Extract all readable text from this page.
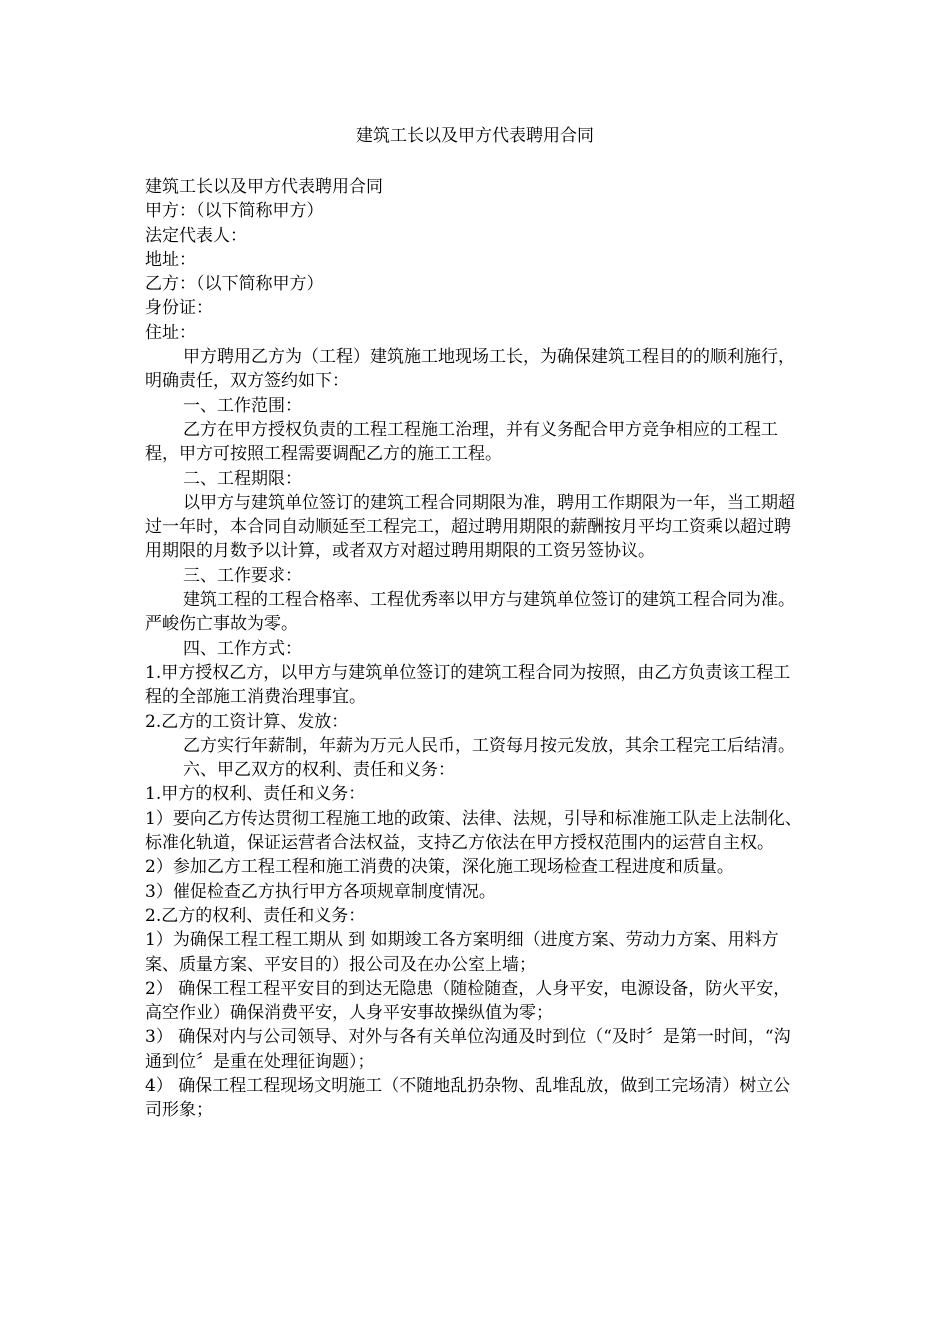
建筑工长以及甲方代表聘用合同

建筑工长以及甲方代表聘用合同

甲方：（以下简称甲方）

法定代表人：

地址：

乙方：（以下简称甲方）

身份证：

住址：

甲方聘用乙方为（工程）建筑施工地现场工长，为确保建筑工程目的的顺利施行，明确责任，双方签约如下：

一、工作范围：

乙方在甲方授权负责的工程工程施工治理，并有义务配合甲方竞争相应的工程工程，甲方可按照工程需要调配乙方的施工工程。

二、工程期限：

以甲方与建筑单位签订的建筑工程合同期限为准，聘用工作期限为一年，当工期超过一年时，本合同自动顺延至工程完工，超过聘用期限的薪酬按月平均工资乘以超过聘用期限的月数予以计算，或者双方对超过聘用期限的工资另签协议。

三、工作要求：

建筑工程的工程合格率、工程优秀率以甲方与建筑单位签订的建筑工程合同为准。严峻伤亡事故为零。

四、工作方式：

1.甲方授权乙方，以甲方与建筑单位签订的建筑工程合同为按照，由乙方负责该工程工程的全部施工消费治理事宜。

2.乙方的工资计算、发放：

乙方实行年薪制，年薪为万元人民币，工资每月按元发放，其余工程完工后结清。

六、甲乙双方的权利、责任和义务：

1.甲方的权利、责任和义务：

1）要向乙方传达贯彻工程施工地的政策、法律、法规，引导和标准施工队走上法制化、标准化轨道，保证运营者合法权益，支持乙方依法在甲方授权范围内的运营自主权。

2）参加乙方工程工程和施工消费的决策，深化施工现场检查工程进度和质量。

3）催促检查乙方执行甲方各项规章制度情况。

2.乙方的权利、责任和义务：

1）为确保工程工程工期从 到 如期竣工各方案明细（进度方案、劳动力方案、用料方案、质量方案、平安目的）报公司及在办公室上墙；

2） 确保工程工程平安目的到达无隐患（随检随查，人身平安，电源设备，防火平安，高空作业）确保消费平安，人身平安事故操纵值为零；

3） 确保对内与公司领导、对外与各有关单位沟通及时到位（“及时〞是第一时间，“沟通到位〞是重在处理征询题）；

4） 确保工程工程现场文明施工（不随地乱扔杂物、乱堆乱放，做到工完场清）树立公司形象；
